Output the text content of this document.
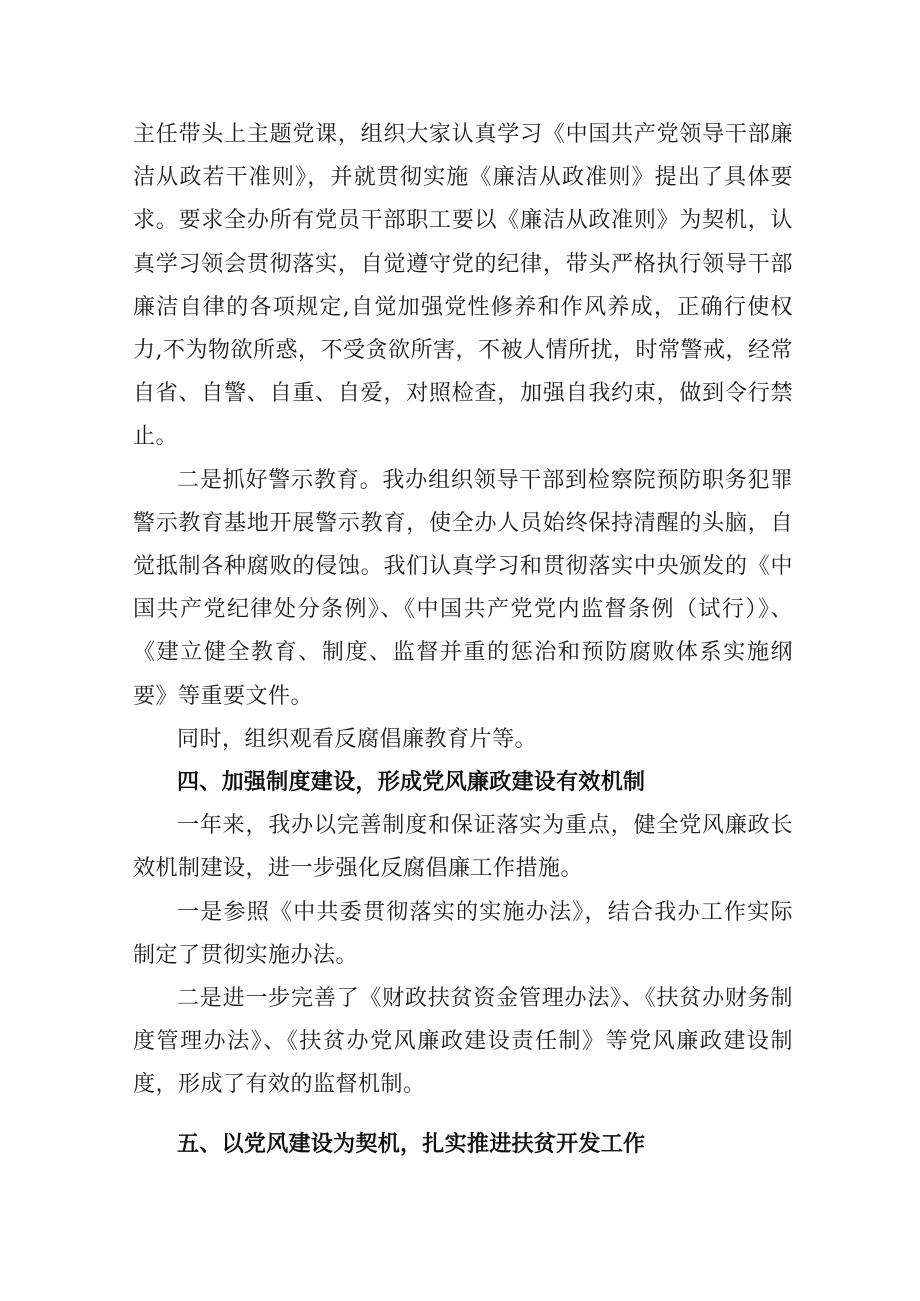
主任带头上主题党课，组织大家认真学习《中国共产党领导干部廉洁从政若干准则》，并就贯彻实施《廉洁从政准则》提出了具体要求。要求全办所有党员干部职工要以《廉洁从政准则》为契机，认真学习领会贯彻落实，自觉遵守党的纪律，带头严格执行领导干部廉洁自律的各项规定,自觉加强党性修养和作风养成，正确行使权力,不为物欲所惑，不受贪欲所害，不被人情所扰，时常警戒，经常自省、自警、自重、自爱，对照检查，加强自我约束，做到令行禁止。

二是抓好警示教育。我办组织领导干部到检察院预防职务犯罪警示教育基地开展警示教育，使全办人员始终保持清醒的头脑，自觉抵制各种腐败的侵蚀。我们认真学习和贯彻落实中央颁发的《中国共产党纪律处分条例》、《中国共产党党内监督条例（试行）》、《建立健全教育、制度、监督并重的惩治和预防腐败体系实施纲要》等重要文件。

同时，组织观看反腐倡廉教育片等。

四、加强制度建设，形成党风廉政建设有效机制

一年来，我办以完善制度和保证落实为重点，健全党风廉政长效机制建设，进一步强化反腐倡廉工作措施。

一是参照《中共委贯彻落实的实施办法》，结合我办工作实际制定了贯彻实施办法。

二是进一步完善了《财政扶贫资金管理办法》、《扶贫办财务制度管理办法》、《扶贫办党风廉政建设责任制》等党风廉政建设制度，形成了有效的监督机制。

五、以党风建设为契机，扎实推进扶贫开发工作
